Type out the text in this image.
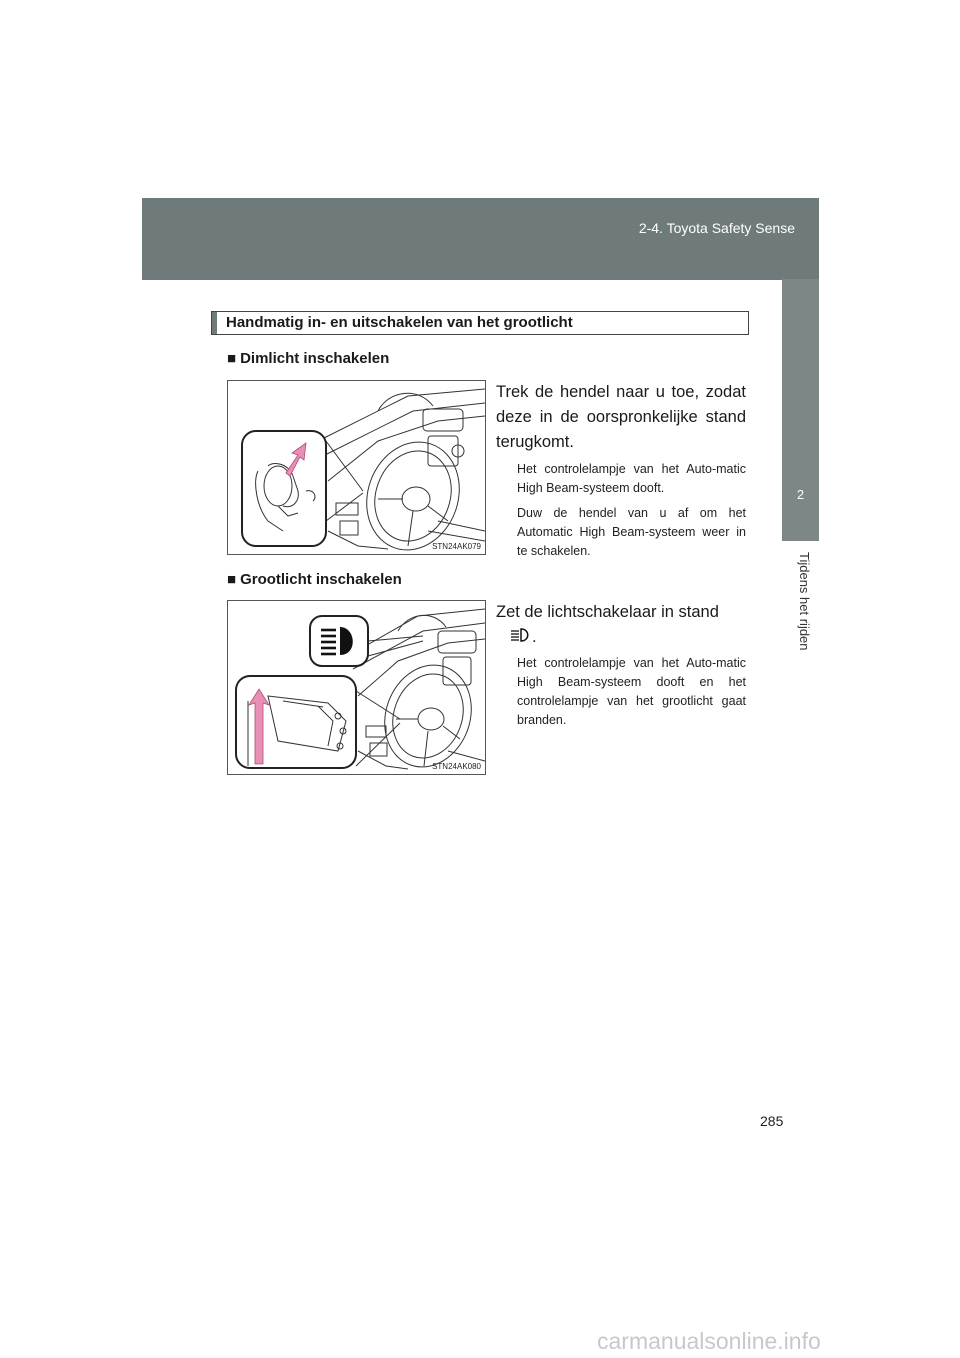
2-4. Toyota Safety Sense
2
Tijdens het rijden
Handmatig in- en uitschakelen van het grootlicht
■ Dimlicht inschakelen
STN24AK079
Trek de hendel naar u toe, zodat deze in de oorspronkelijke stand terugkomt.
Het controlelampje van het Auto-matic High Beam-systeem dooft.
Duw de hendel van u af om het Automatic High Beam-systeem weer in te schakelen.
■ Grootlicht inschakelen
STN24AK080
Zet de lichtschakelaar in stand
.
Het controlelampje van het Auto-matic High Beam-systeem dooft en het controlelampje van het grootlicht gaat branden.
285
carmanualsonline.info
